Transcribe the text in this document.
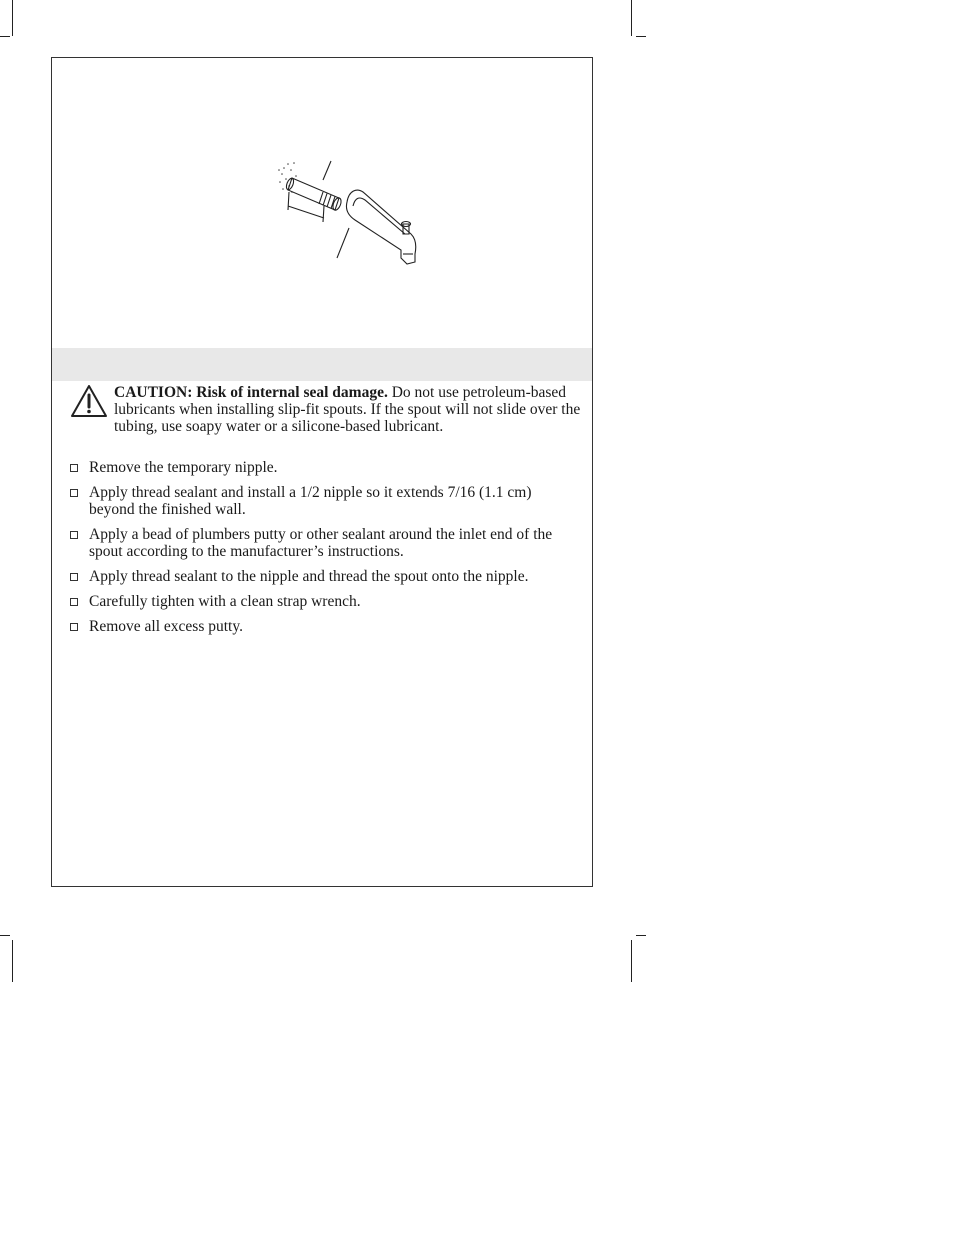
CAUTION: Risk of internal seal damage. Do not use petroleum-based lubricants when installing slip-fit spouts. If the spout will not slide over the tubing, use soapy water or a silicone-based lubricant.
Remove the temporary nipple.
Apply thread sealant and install a 1/2 nipple so it extends 7/16 (1.1 cm) beyond the finished wall.
Apply a bead of plumbers putty or other sealant around the inlet end of the spout according to the manufacturer’s instructions.
Apply thread sealant to the nipple and thread the spout onto the nipple.
Carefully tighten with a clean strap wrench.
Remove all excess putty.
